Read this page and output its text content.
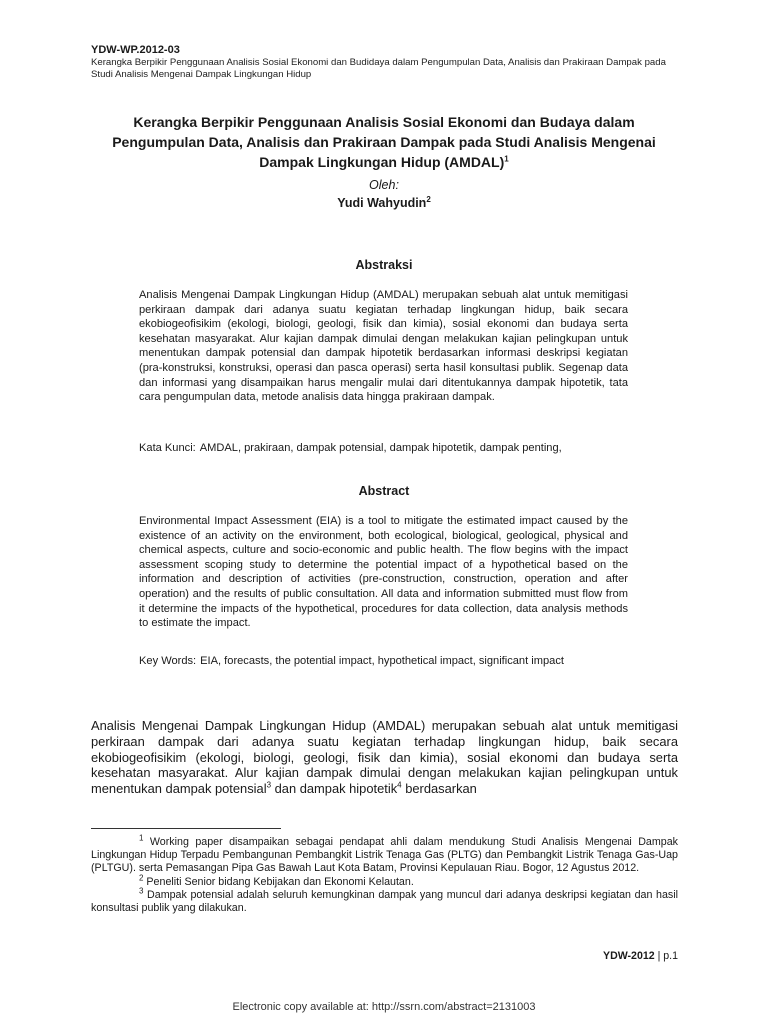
YDW-WP.2012-03
Kerangka Berpikir Penggunaan Analisis Sosial Ekonomi dan Budidaya dalam Pengumpulan Data, Analisis dan Prakiraan Dampak pada Studi Analisis Mengenai Dampak Lingkungan Hidup
Kerangka Berpikir Penggunaan Analisis Sosial Ekonomi dan Budaya dalam Pengumpulan Data, Analisis dan Prakiraan Dampak pada Studi Analisis Mengenai Dampak Lingkungan Hidup (AMDAL)$^1$
Oleh:
Yudi Wahyudin$^2$
Abstraksi
Analisis Mengenai Dampak Lingkungan Hidup (AMDAL) merupakan sebuah alat untuk memitigasi perkiraan dampak dari adanya suatu kegiatan terhadap lingkungan hidup, baik secara ekobiogeofisikim (ekologi, biologi, geologi, fisik dan kimia), sosial ekonomi dan budaya serta kesehatan masyarakat. Alur kajian dampak dimulai dengan melakukan kajian pelingkupan untuk menentukan dampak potensial dan dampak hipotetik berdasarkan informasi deskripsi kegiatan (pra-konstruksi, konstruksi, operasi dan pasca operasi) serta hasil konsultasi publik. Segenap data dan informasi yang disampaikan harus mengalir mulai dari ditentukannya dampak hipotetik, tata cara pengumpulan data, metode analisis data hingga prakiraan dampak.
Kata Kunci: AMDAL, prakiraan, dampak potensial, dampak hipotetik, dampak penting,
Abstract
Environmental Impact Assessment (EIA) is a tool to mitigate the estimated impact caused by the existence of an activity on the environment, both ecological, biological, geological, physical and chemical aspects, culture and socio-economic and public health. The flow begins with the impact assessment scoping study to determine the potential impact of a hypothetical based on the information and description of activities (pre-construction, construction, operation and after operation) and the results of public consultation. All data and information submitted must flow from it determine the impacts of the hypothetical, procedures for data collection, data analysis methods to estimate the impact.
Key Words: EIA, forecasts, the potential impact, hypothetical impact, significant impact
Analisis Mengenai Dampak Lingkungan Hidup (AMDAL) merupakan sebuah alat untuk memitigasi perkiraan dampak dari adanya suatu kegiatan terhadap lingkungan hidup, baik secara ekobiogeofisikim (ekologi, biologi, geologi, fisik dan kimia), sosial ekonomi dan budaya serta kesehatan masyarakat. Alur kajian dampak dimulai dengan melakukan kajian pelingkupan untuk menentukan dampak potensial$^3$ dan dampak hipotetik$^4$ berdasarkan

$^1$ Working paper disampaikan sebagai pendapat ahli dalam mendukung Studi Analisis Mengenai Dampak Lingkungan Hidup Terpadu Pembangunan Pembangkit Listrik Tenaga Gas (PLTG) dan Pembangkit Listrik Tenaga Gas-Uap (PLTGU). serta Pemasangan Pipa Gas Bawah Laut Kota Batam, Provinsi Kepulauan Riau. Bogor, 12 Agustus 2012.

$^2$ Peneliti Senior bidang Kebijakan dan Ekonomi Kelautan.

$^3$ Dampak potensial adalah seluruh kemungkinan dampak yang muncul dari adanya deskripsi kegiatan dan hasil konsultasi publik yang dilakukan.

YDW-2012 | p.1
Electronic copy available at: http://ssrn.com/abstract=2131003
